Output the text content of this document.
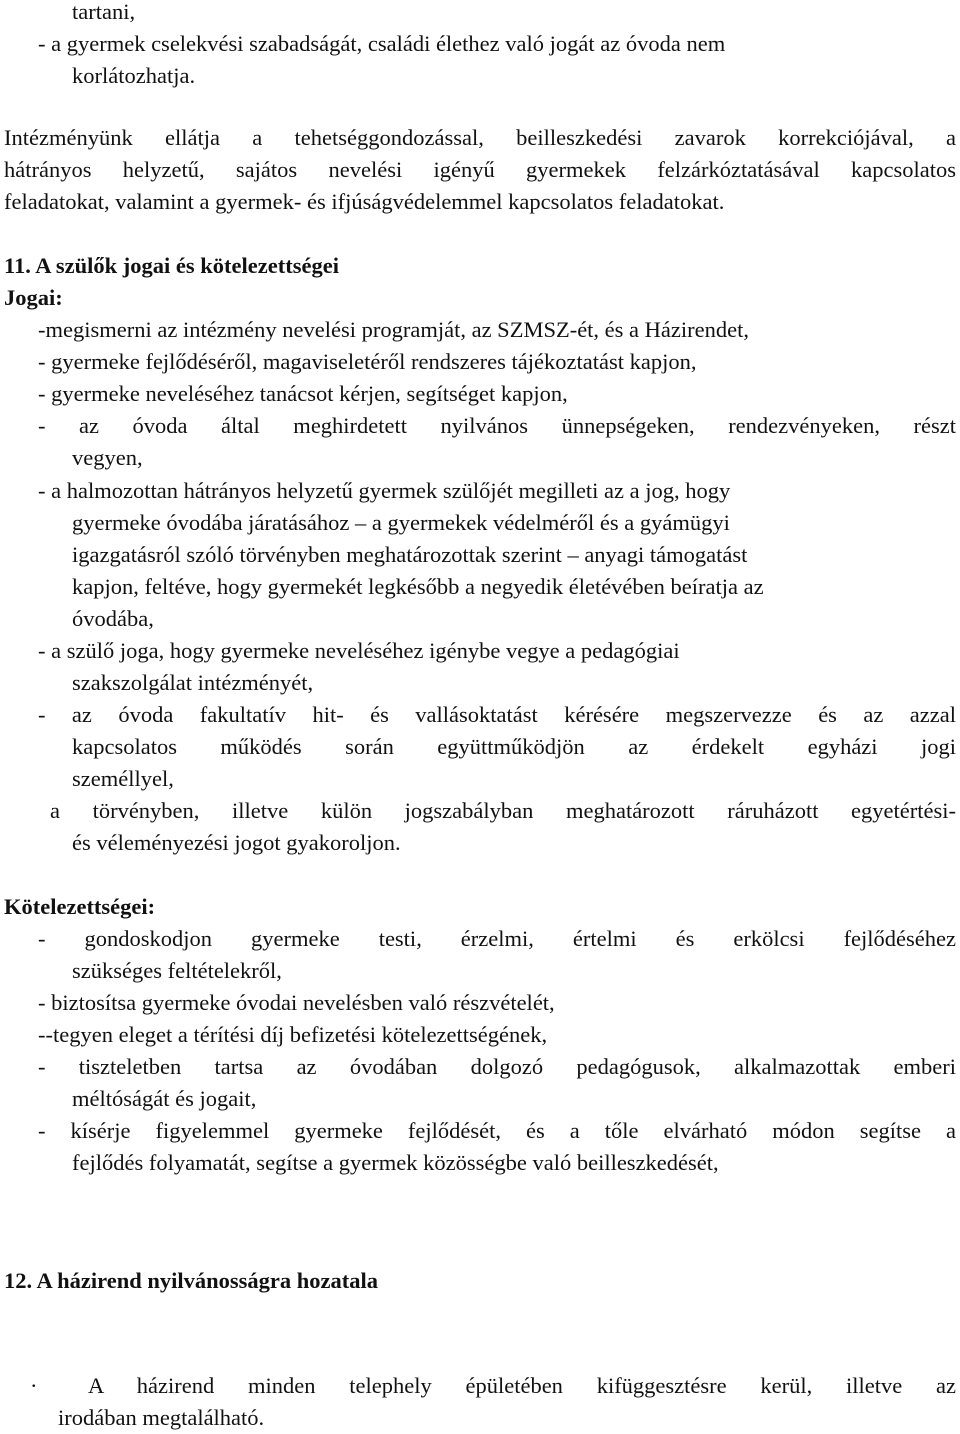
tartani,
- a gyermek cselekvési szabadságát, családi élethez való jogát az óvoda nem
korlátozhatja.
Intézményünk ellátja a tehetséggondozással, beilleszkedési zavarok korrekciójával, a
hátrányos helyzetű, sajátos nevelési igényű gyermekek felzárkóztatásával kapcsolatos
feladatokat, valamint a gyermek- és ifjúságvédelemmel kapcsolatos feladatokat.
11. A szülők jogai és kötelezettségei
Jogai:
-megismerni az intézmény nevelési programját, az SZMSZ-ét, és a Házirendet,
- gyermeke fejlődéséről, magaviseletéről rendszeres tájékoztatást kapjon,
- gyermeke neveléséhez tanácsot kérjen, segítséget kapjon,
- az óvoda által meghirdetett nyilvános ünnepségeken, rendezvényeken, részt
vegyen,
- a halmozottan hátrányos helyzetű gyermek szülőjét megilleti az a jog, hogy
gyermeke óvodába járatásához – a gyermekek védelméről és a gyámügyi
igazgatásról szóló törvényben meghatározottak szerint – anyagi támogatást
kapjon, feltéve, hogy gyermekét legkésőbb a negyedik életévében beíratja az
óvodába,
- a szülő joga, hogy gyermeke neveléséhez igénybe vegye a pedagógiai
szakszolgálat intézményét,
- az óvoda fakultatív hit- és vallásoktatást kérésére megszervezze és az azzal
kapcsolatos működés során együttműködjön az érdekelt egyházi jogi
személlyel,
a törvényben, illetve külön jogszabályban meghatározott ráruházott egyetértési-
és véleményezési jogot gyakoroljon.
Kötelezettségei:
- gondoskodjon gyermeke testi, érzelmi, értelmi és erkölcsi fejlődéséhez
szükséges feltételekről,
- biztosítsa gyermeke óvodai nevelésben való részvételét,
--tegyen eleget a térítési díj befizetési kötelezettségének,
- tiszteletben tartsa az óvodában dolgozó pedagógusok, alkalmazottak emberi
méltóságát és jogait,
- kísérje figyelemmel gyermeke fejlődését, és a tőle elvárható módon segítse a
fejlődés folyamatát, segítse a gyermek közösségbe való beilleszkedését,
12. A házirend nyilvánosságra hozatala
· A házirend minden telephely épületében kifüggesztésre kerül, illetve az
irodában megtalálható.
